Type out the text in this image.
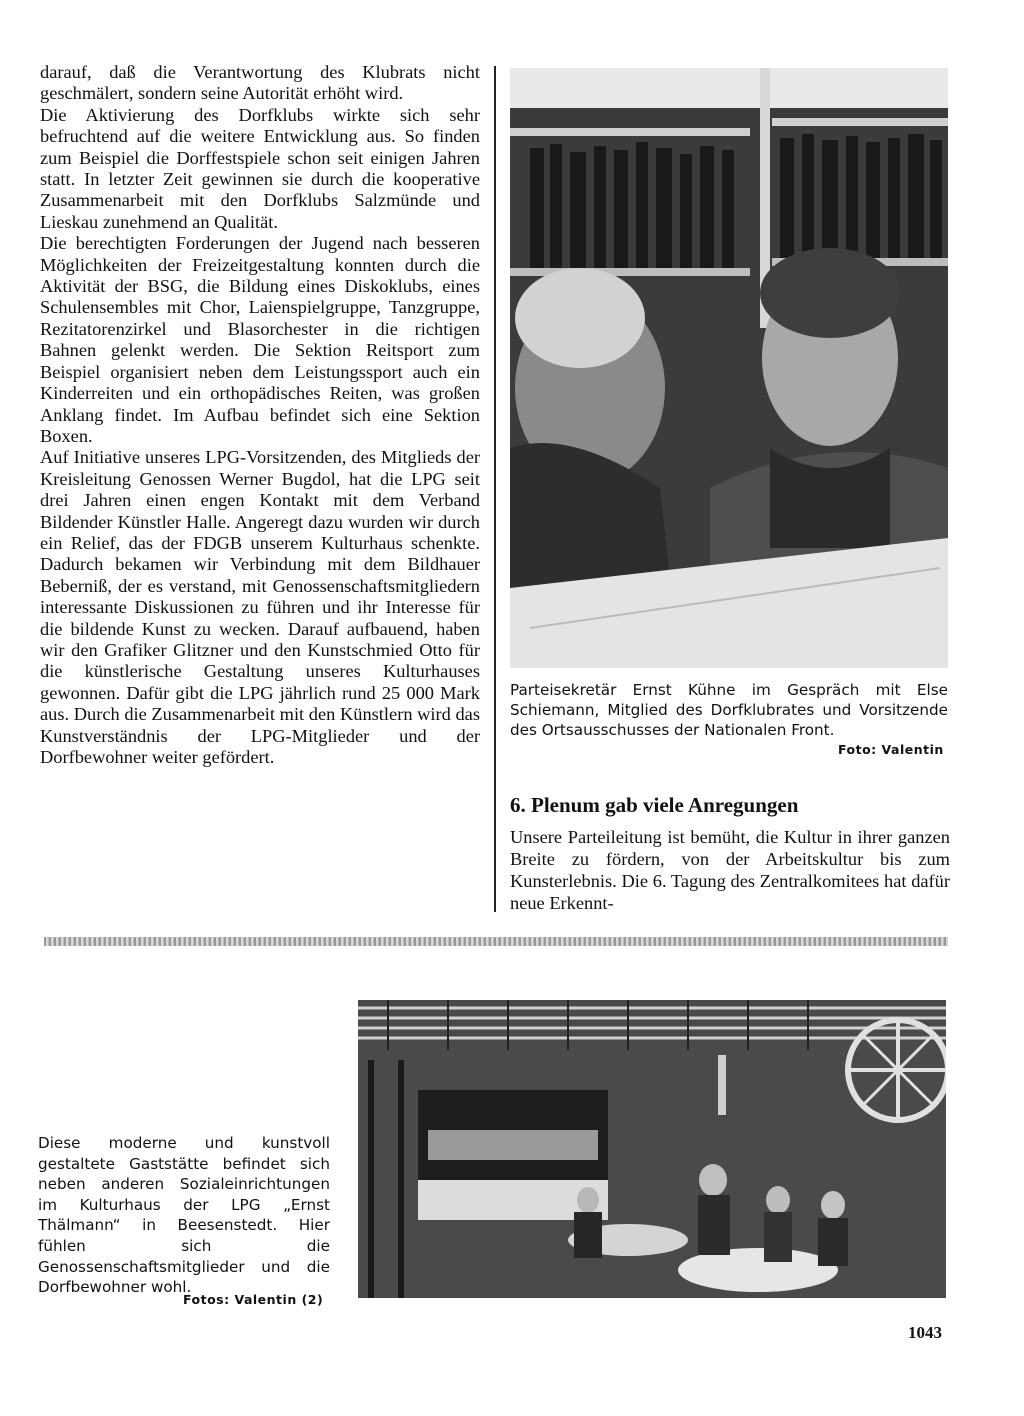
darauf, daß die Verantwortung des Klubrats nicht geschmälert, sondern seine Autorität erhöht wird.

Die Aktivierung des Dorfklubs wirkte sich sehr befruchtend auf die weitere Entwicklung aus. So finden zum Beispiel die Dorffestspiele schon seit einigen Jahren statt. In letzter Zeit gewinnen sie durch die kooperative Zusammenarbeit mit den Dorfklubs Salzmünde und Lieskau zunehmend an Qualität.

Die berechtigten Forderungen der Jugend nach besseren Möglichkeiten der Freizeitgestaltung konnten durch die Aktivität der BSG, die Bildung eines Diskoklubs, eines Schulensembles mit Chor, Laienspielgruppe, Tanzgruppe, Rezitatorenzirkel und Blasorchester in die richtigen Bahnen gelenkt werden. Die Sektion Reitsport zum Beispiel organisiert neben dem Leistungssport auch ein Kinderreiten und ein orthopädisches Reiten, was großen Anklang findet. Im Aufbau befindet sich eine Sektion Boxen.

Auf Initiative unseres LPG-Vorsitzenden, des Mitglieds der Kreisleitung Genossen Werner Bugdol, hat die LPG seit drei Jahren einen engen Kontakt mit dem Verband Bildender Künstler Halle. Angeregt dazu wurden wir durch ein Relief, das der FDGB unserem Kulturhaus schenkte. Dadurch bekamen wir Verbindung mit dem Bildhauer Bebernіß, der es verstand, mit Genossenschaftsmitgliedern interessante Diskussionen zu führen und ihr Interesse für die bildende Kunst zu wecken. Darauf aufbauend, haben wir den Grafiker Glitzner und den Kunstschmied Otto für die künstlerische Gestaltung unseres Kulturhauses gewonnen. Dafür gibt die LPG jährlich rund 25 000 Mark aus. Durch die Zusammenarbeit mit den Künstlern wird das Kunstverständnis der LPG-Mitglieder und der Dorfbewohner weiter gefördert.

Parteisekretär Ernst Kühne im Gespräch mit Else Schiemann, Mitglied des Dorfklubrates und Vorsitzende des Ortsausschusses der Nationalen Front.
Foto: Valentin
6. Plenum gab viele Anregungen

Unsere Parteileitung ist bemüht, die Kultur in ihrer ganzen Breite zu fördern, von der Arbeitskultur bis zum Kunsterlebnis. Die 6. Tagung des Zentralkomitees hat dafür neue Erkennt-

Diese moderne und kunstvoll gestaltete Gaststätte befindet sich neben anderen Sozialeinrichtungen im Kulturhaus der LPG „Ernst Thälmann“ in Beesenstedt. Hier fühlen sich die Genossenschaftsmitglieder und die Dorfbewohner wohl.
Fotos: Valentin (2)
1043
